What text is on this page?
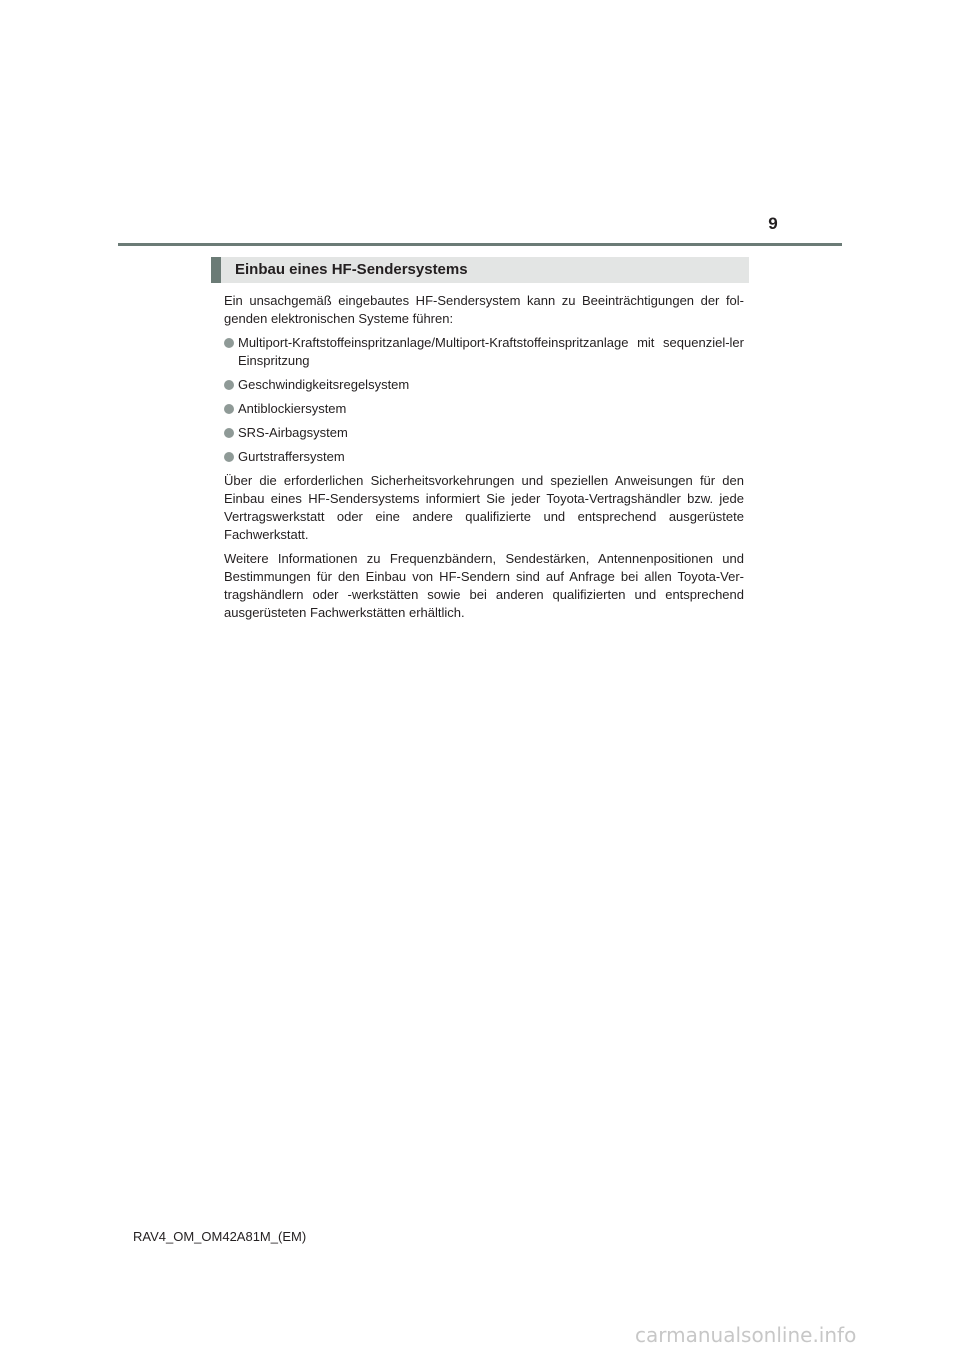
9
Einbau eines HF-Sendersystems

Ein unsachgemäß eingebautes HF-Sendersystem kann zu Beeinträchtigungen der fol-genden elektronischen Systeme führen:

Multiport-Kraftstoffeinspritzanlage/Multiport-Kraftstoffeinspritzanlage mit sequenziel-ler Einspritzung
Geschwindigkeitsregelsystem
Antiblockiersystem
SRS-Airbagsystem
Gurtstraffersystem

Über die erforderlichen Sicherheitsvorkehrungen und speziellen Anweisungen für den Einbau eines HF-Sendersystems informiert Sie jeder Toyota-Vertragshändler bzw. jede Vertragswerkstatt oder eine andere qualifizierte und entsprechend ausgerüstete Fachwerkstatt.

Weitere Informationen zu Frequenzbändern, Sendestärken, Antennenpositionen und Bestimmungen für den Einbau von HF-Sendern sind auf Anfrage bei allen Toyota-Ver-tragshändlern oder -werkstätten sowie bei anderen qualifizierten und entsprechend ausgerüsteten Fachwerkstätten erhältlich.

RAV4_OM_OM42A81M_(EM)
carmanualsonline.info
